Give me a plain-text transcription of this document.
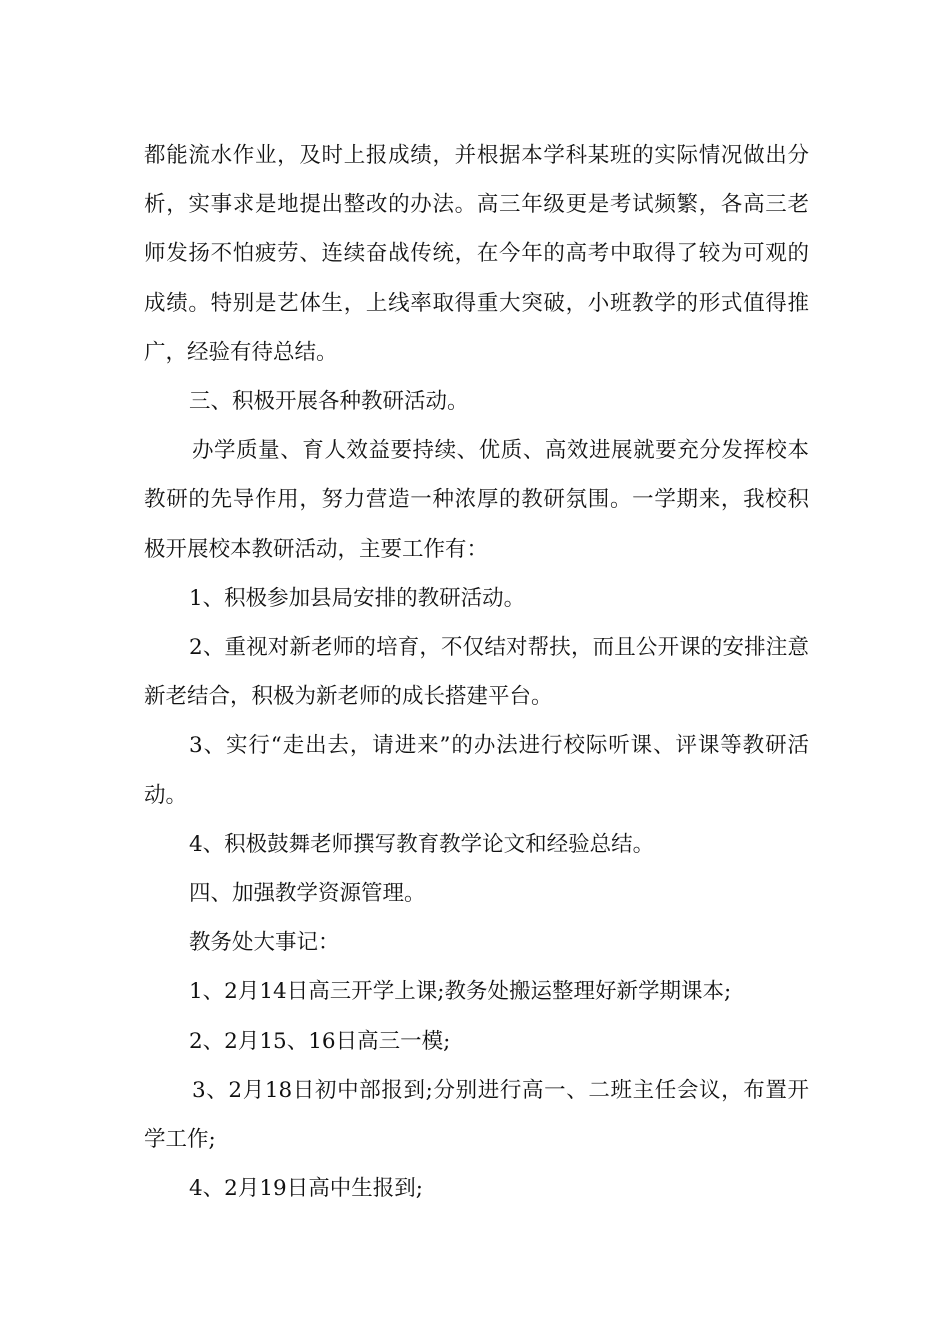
都能流水作业，及时上报成绩，并根据本学科某班的实际情况做出分析，实事求是地提出整改的办法。高三年级更是考试频繁，各高三老师发扬不怕疲劳、连续奋战传统，在今年的高考中取得了较为可观的成绩。特别是艺体生，上线率取得重大突破，小班教学的形式值得推广，经验有待总结。

三、积极开展各种教研活动。

办学质量、育人效益要持续、优质、高效进展就要充分发挥校本教研的先导作用，努力营造一种浓厚的教研氛围。一学期来，我校积极开展校本教研活动，主要工作有：

1、积极参加县局安排的教研活动。

2、重视对新老师的培育，不仅结对帮扶，而且公开课的安排注意新老结合，积极为新老师的成长搭建平台。

3、实行“走出去，请进来”的办法进行校际听课、评课等教研活动。

4、积极鼓舞老师撰写教育教学论文和经验总结。

四、加强教学资源管理。

教务处大事记：

1、2月14日高三开学上课;教务处搬运整理好新学期课本;

2、2月15、16日高三一模;

3、2月18日初中部报到;分别进行高一、二班主任会议，布置开学工作;

4、2月19日高中生报到;
